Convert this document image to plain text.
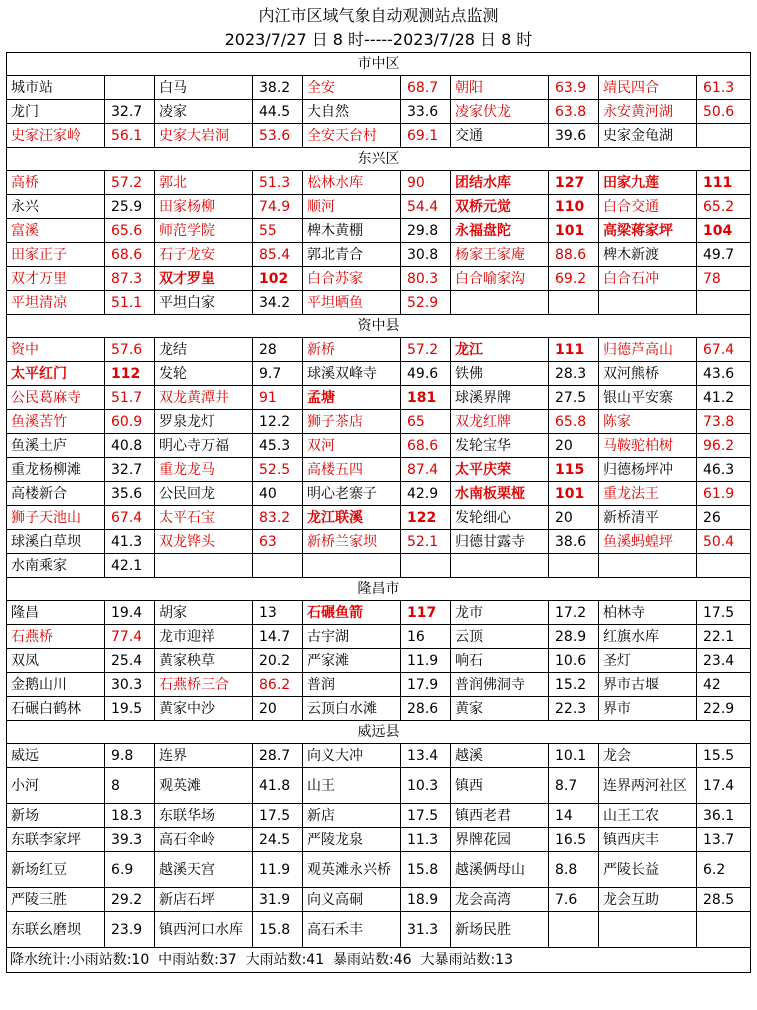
内江市区域气象自动观测站点监测
2023/7/27 日 8 时-----2023/7/28 日 8 时
市中区									
城市站		白马	38.2	全安	68.7	朝阳	63.9	靖民四合	61.3
龙门	32.7	凌家	44.5	大自然	33.6	凌家伏龙	63.8	永安黄河湖	50.6
史家汪家岭	56.1	史家大岩洞	53.6	全安天台村	69.1	交通	39.6	史家金龟湖	
东兴区									
高桥	57.2	郭北	51.3	松林水库	90	团结水库	127	田家九莲	111
永兴	25.9	田家杨柳	74.9	顺河	54.4	双桥元觉	110	白合交通	65.2
富溪	65.6	师范学院	55	椑木黄棚	29.8	永福盘陀	101	高梁蒋家坪	104
田家正子	68.6	石子龙安	85.4	郭北青合	30.8	杨家王家庵	88.6	椑木新渡	49.7
双才万里	87.3	双才罗皇	102	白合苏家	80.3	白合喻家沟	69.2	白合石冲	78
平坦清凉	51.1	平坦白家	34.2	平坦晒鱼	52.9				
资中县									
资中	57.6	龙结	28	新桥	57.2	龙江	111	归德芦高山	67.4
太平红门	112	发轮	9.7	球溪双峰寺	49.6	铁佛	28.3	双河熊桥	43.6
公民葛麻寺	51.7	双龙黄潭井	91	孟塘	181	球溪界牌	27.5	银山平安寨	41.2
鱼溪苦竹	60.9	罗泉龙灯	12.2	狮子茶店	65	双龙红牌	65.8	陈家	73.8
鱼溪土庐	40.8	明心寺万福	45.3	双河	68.6	发轮宝华	20	马鞍驼柏树	96.2
重龙杨柳滩	32.7	重龙龙马	52.5	高楼五四	87.4	太平庆荣	115	归德杨坪冲	46.3
高楼新合	35.6	公民回龙	40	明心老寨子	42.9	水南板栗桠	101	重龙法王	61.9
狮子天池山	67.4	太平石宝	83.2	龙江联溪	122	发轮细心	20	新桥清平	26
球溪白草坝	41.3	双龙铧头	63	新桥兰家坝	52.1	归德甘露寺	38.6	鱼溪蚂蝗坪	50.4
水南乘家	42.1								
隆昌市									
隆昌	19.4	胡家	13	石碾鱼箭	117	龙市	17.2	柏林寺	17.5
石燕桥	77.4	龙市迎祥	14.7	古宇湖	16	云顶	28.9	红旗水库	22.1
双凤	25.4	黄家秧草	20.2	严家滩	11.9	响石	10.6	圣灯	23.4
金鹅山川	30.3	石燕桥三合	86.2	普润	17.9	普润佛洞寺	15.2	界市古堰	42
石碾白鹤林	19.5	黄家中沙	20	云顶白水滩	28.6	黄家	22.3	界市	22.9
威远县									
威远	9.8	连界	28.7	向义大冲	13.4	越溪	10.1	龙会	15.5
小河	8	观英滩	41.8	山王	10.3	镇西	8.7	连界两河社区	17.4
新场	18.3	东联华场	17.5	新店	17.5	镇西老君	14	山王工农	36.1
东联李家坪	39.3	高石伞岭	24.5	严陵龙泉	11.3	界牌花园	16.5	镇西庆丰	13.7
新场红豆	6.9	越溪天宫	11.9	观英滩永兴桥	15.8	越溪俩母山	8.8	严陵长益	6.2
严陵三胜	29.2	新店石坪	31.9	向义高硐	18.9	龙会高湾	7.6	龙会互助	28.5
东联幺磨坝	23.9	镇西河口水库	15.8	高石禾丰	31.3	新场民胜			
降水统计:小雨站数:10  中雨站数:37  大雨站数:41  暴雨站数:46  大暴雨站数:13									
